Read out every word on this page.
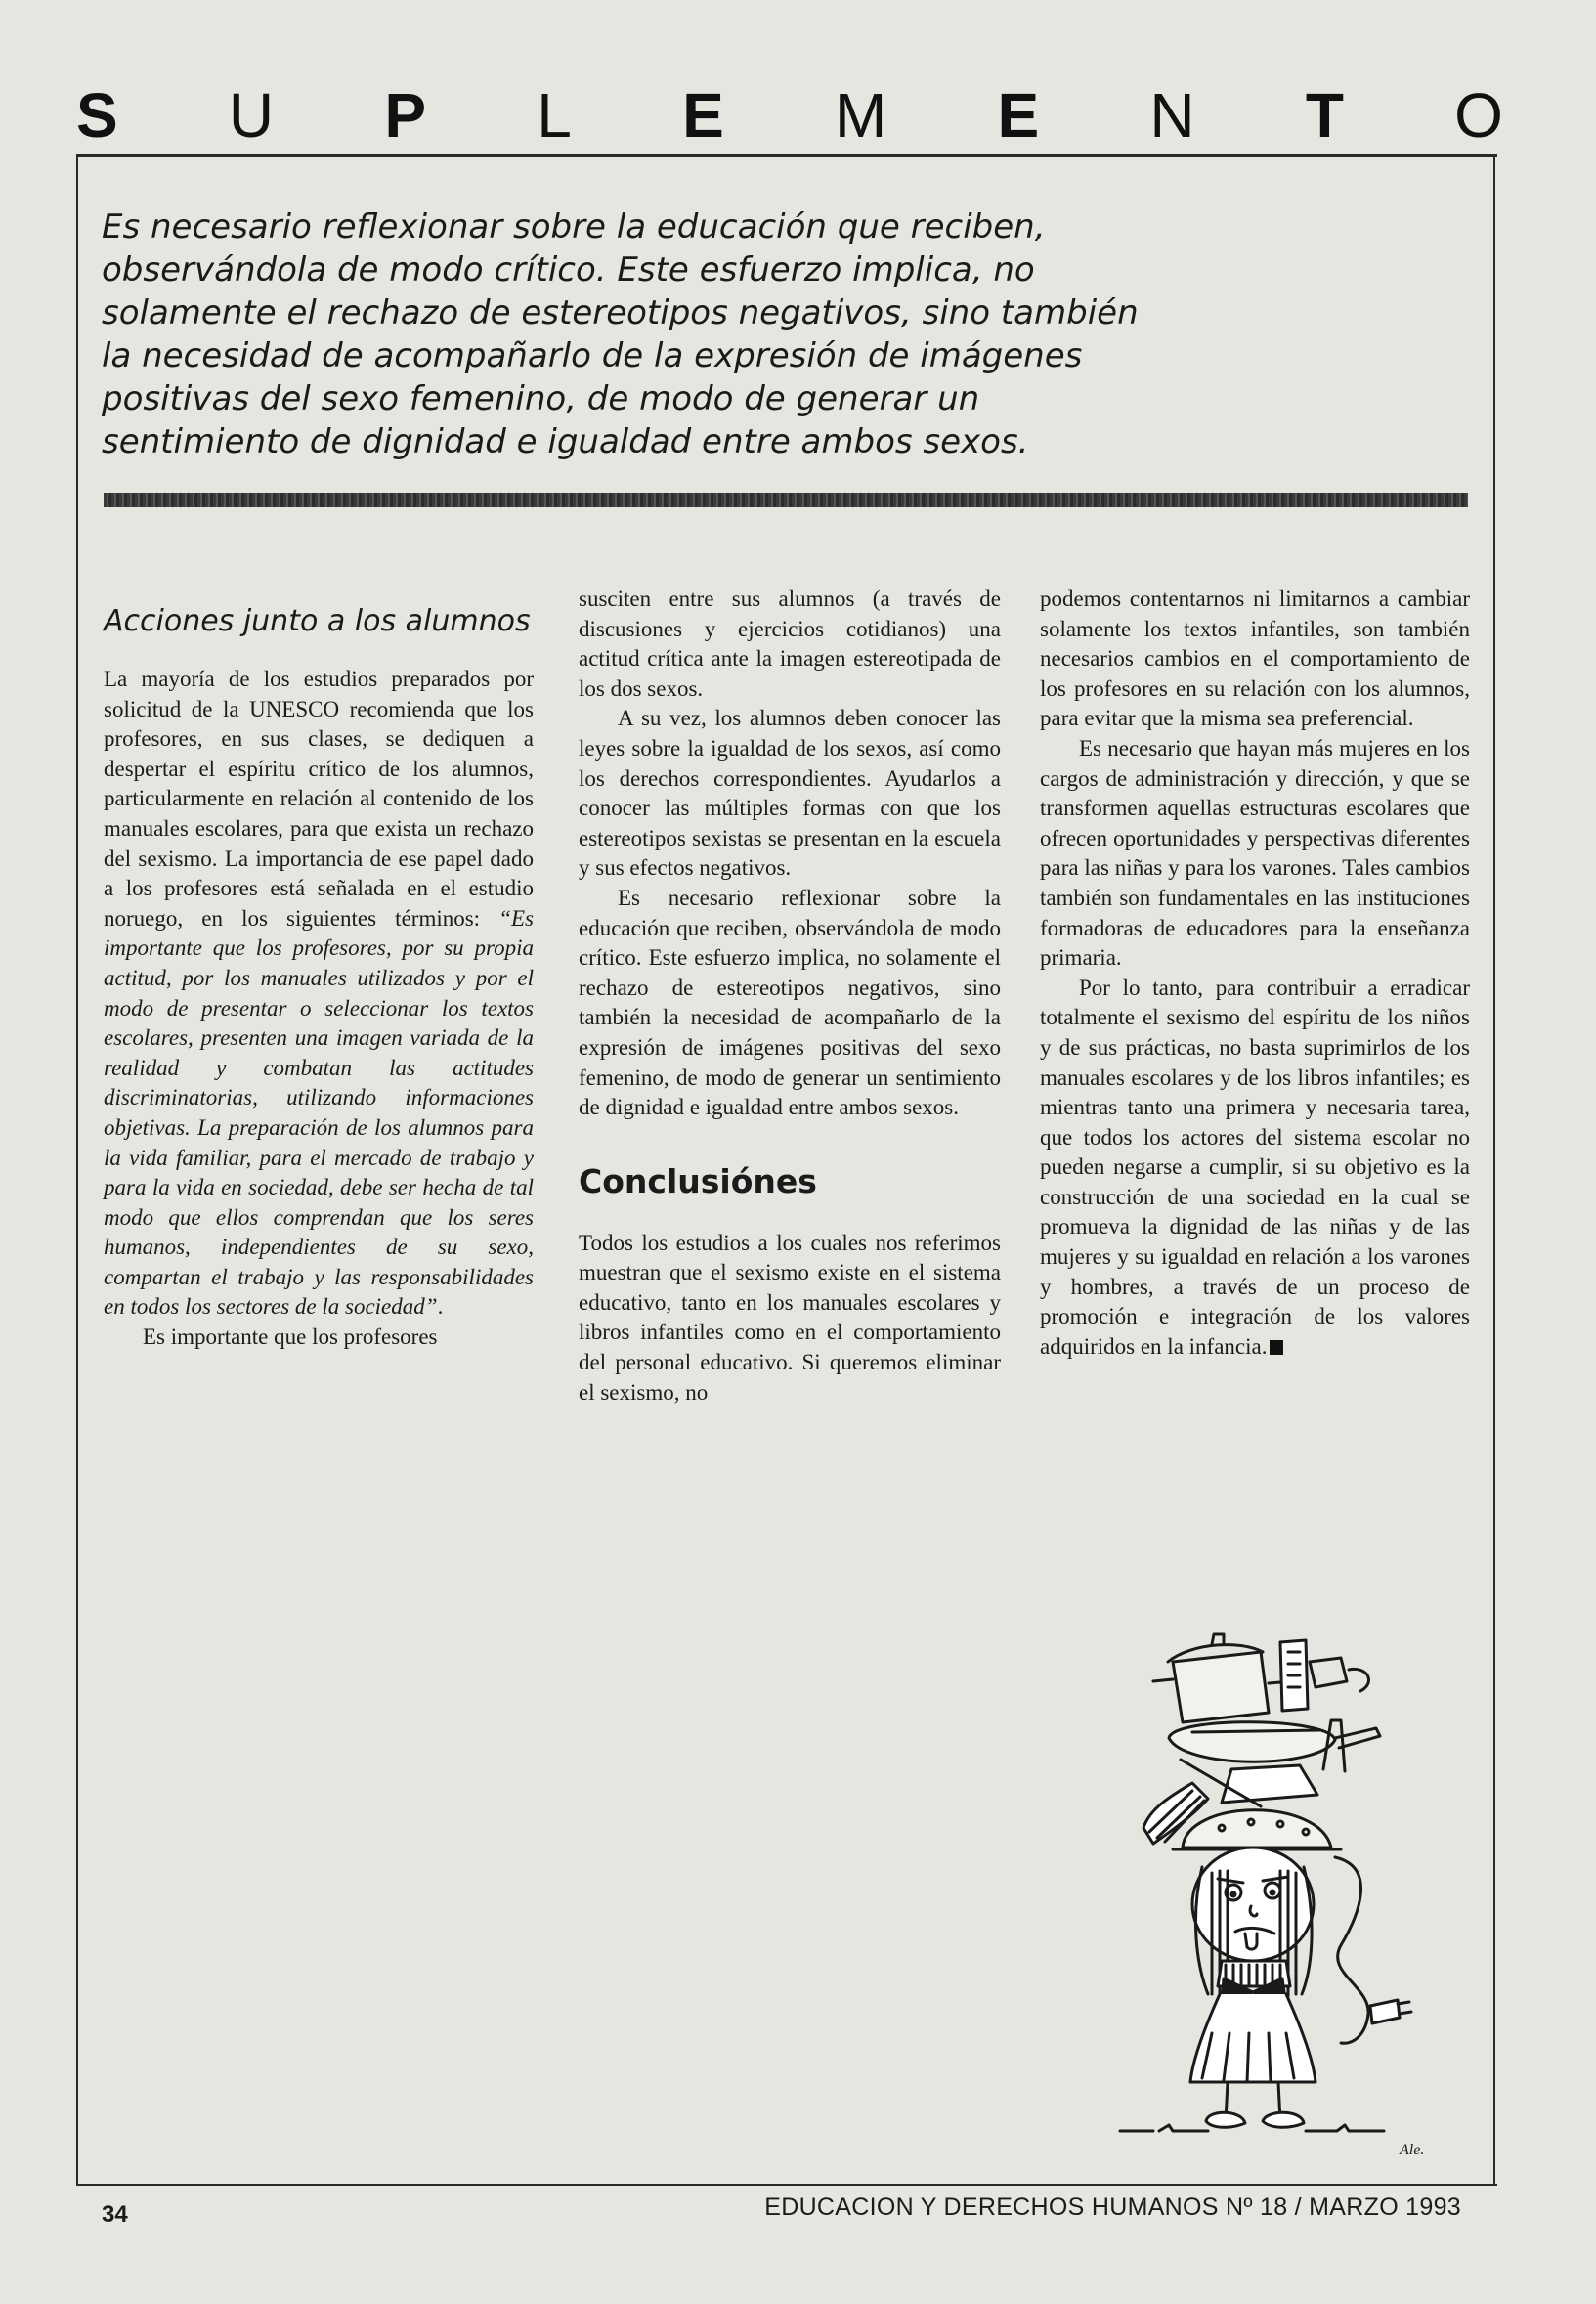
S U P L E M E N T O
Es necesario reflexionar sobre la educación que reciben,
observándola de modo crítico. Este esfuerzo implica, no
solamente el rechazo de estereotipos negativos, sino también
la necesidad de acompañarlo de la expresión de imágenes
positivas del sexo femenino, de modo de generar un
sentimiento de dignidad e igualdad entre ambos sexos.
Acciones junto a los alumnos

La mayoría de los estudios preparados por solicitud de la UNESCO recomienda que los profesores, en sus clases, se dediquen a despertar el espíritu crítico de los alumnos, particularmente en relación al contenido de los manuales escolares, para que exista un rechazo del sexismo. La importancia de ese papel dado a los profesores está señalada en el estudio noruego, en los siguientes términos: “Es importante que los profesores, por su propia actitud, por los manuales utilizados y por el modo de presentar o seleccionar los textos escolares, presenten una imagen variada de la realidad y combatan las actitudes discriminatorias, utilizando informaciones objetivas. La preparación de los alumnos para la vida familiar, para el mercado de trabajo y para la vida en sociedad, debe ser hecha de tal modo que ellos comprendan que los seres humanos, independientes de su sexo, compartan el trabajo y las responsabilidades en todos los sectores de la sociedad”.

Es importante que los profesores

susciten entre sus alumnos (a través de discusiones y ejercicios cotidianos) una actitud crítica ante la imagen estereotipada de los dos sexos.

A su vez, los alumnos deben conocer las leyes sobre la igualdad de los sexos, así como los derechos correspondientes. Ayudarlos a conocer las múltiples formas con que los estereotipos sexistas se presentan en la escuela y sus efectos negativos.

Es necesario reflexionar sobre la educación que reciben, observándola de modo crítico. Este esfuerzo implica, no solamente el rechazo de estereotipos negativos, sino también la necesidad de acompañarlo de la expresión de imágenes positivas del sexo femenino, de modo de generar un sentimiento de dignidad e igualdad entre ambos sexos.

Conclusiónes

Todos los estudios a los cuales nos referimos muestran que el sexismo existe en el sistema educativo, tanto en los manuales escolares y libros infantiles como en el comportamiento del personal educativo. Si queremos eliminar el sexismo, no

podemos contentarnos ni limitarnos a cambiar solamente los textos infantiles, son también necesarios cambios en el comportamiento de los profesores en su relación con los alumnos, para evitar que la misma sea preferencial.

Es necesario que hayan más mujeres en los cargos de administración y dirección, y que se transformen aquellas estructuras escolares que ofrecen oportunidades y perspectivas diferentes para las niñas y para los varones. Tales cambios también son fundamentales en las instituciones formadoras de educadores para la enseñanza primaria.

Por lo tanto, para contribuir a erradicar totalmente el sexismo del espíritu de los niños y de sus prácticas, no basta suprimirlos de los manuales escolares y de los libros infantiles; es mientras tanto una primera y necesaria tarea, que todos los actores del sistema escolar no pueden negarse a cumplir, si su objetivo es la construcción de una sociedad en la cual se promueva la dignidad de las niñas y de las mujeres y su igualdad en relación a los varones y hombres, a través de un proceso de promoción e integración de los valores adquiridos en la infancia.

Ale.
34	EDUCACION Y DERECHOS HUMANOS Nº 18 / MARZO 1993
